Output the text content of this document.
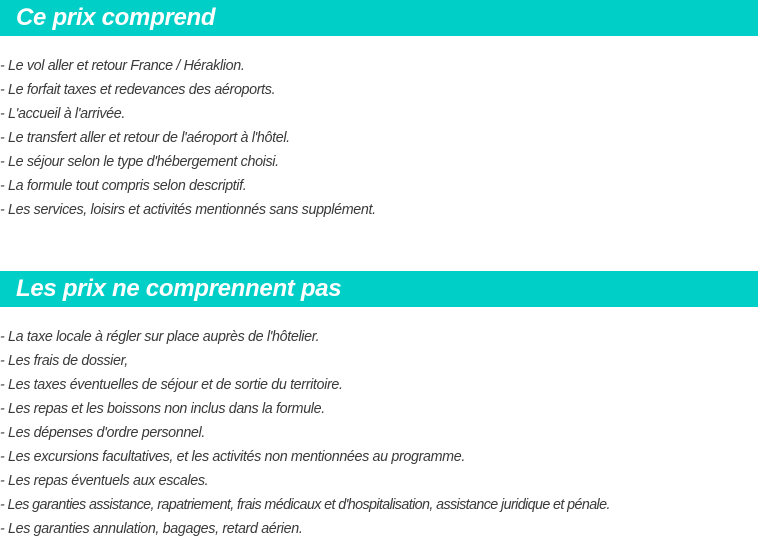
Ce prix comprend
- Le vol aller et retour France / Héraklion.
- Le forfait taxes et redevances des aéroports.
- L'accueil à l'arrivée.
- Le transfert aller et retour de l'aéroport à l'hôtel.
- Le séjour selon le type d'hébergement choisi.
- La formule tout compris selon descriptif.
- Les services, loisirs et activités mentionnés sans supplément.
Les prix ne comprennent pas
- La taxe locale à régler sur place auprès de l'hôtelier.
- Les frais de dossier,
- Les taxes éventuelles de séjour et de sortie du territoire.
- Les repas et les boissons non inclus dans la formule.
- Les dépenses d'ordre personnel.
- Les excursions facultatives, et les activités non mentionnées au programme.
- Les repas éventuels aux escales.
- Les garanties assistance, rapatriement, frais médicaux et d'hospitalisation, assistance juridique et pénale.
- Les garanties annulation, bagages, retard aérien.
